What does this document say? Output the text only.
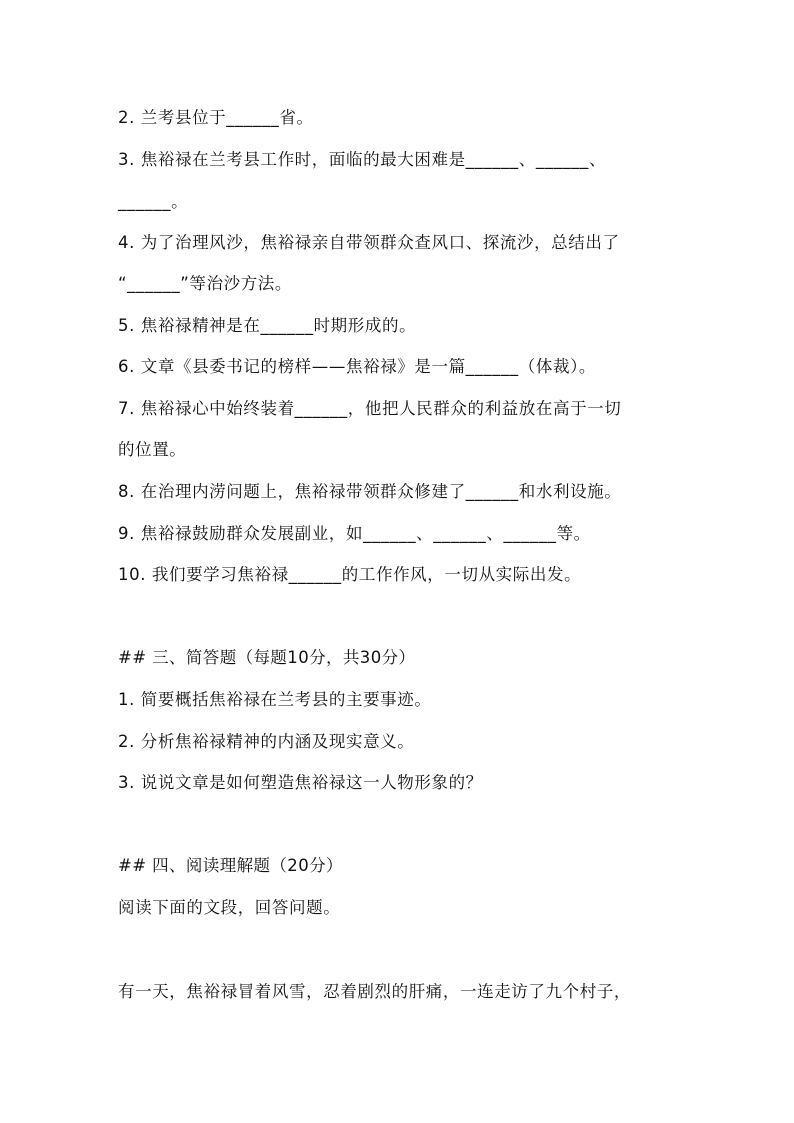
2. 兰考县位于______省。
3. 焦裕禄在兰考县工作时，面临的最大困难是______、______、
______。
4. 为了治理风沙，焦裕禄亲自带领群众查风口、探流沙，总结出了
“______”等治沙方法。
5. 焦裕禄精神是在______时期形成的。
6. 文章《县委书记的榜样——焦裕禄》是一篇______（体裁）。
7. 焦裕禄心中始终装着______，他把人民群众的利益放在高于一切
的位置。
8. 在治理内涝问题上，焦裕禄带领群众修建了______和水利设施。
9. 焦裕禄鼓励群众发展副业，如______、______、______等。
10. 我们要学习焦裕禄______的工作作风，一切从实际出发。
## 三、简答题（每题10分，共30分）
1. 简要概括焦裕禄在兰考县的主要事迹。
2. 分析焦裕禄精神的内涵及现实意义。
3. 说说文章是如何塑造焦裕禄这一人物形象的？
## 四、阅读理解题（20分）
阅读下面的文段，回答问题。
有一天，焦裕禄冒着风雪，忍着剧烈的肝痛，一连走访了九个村子，
